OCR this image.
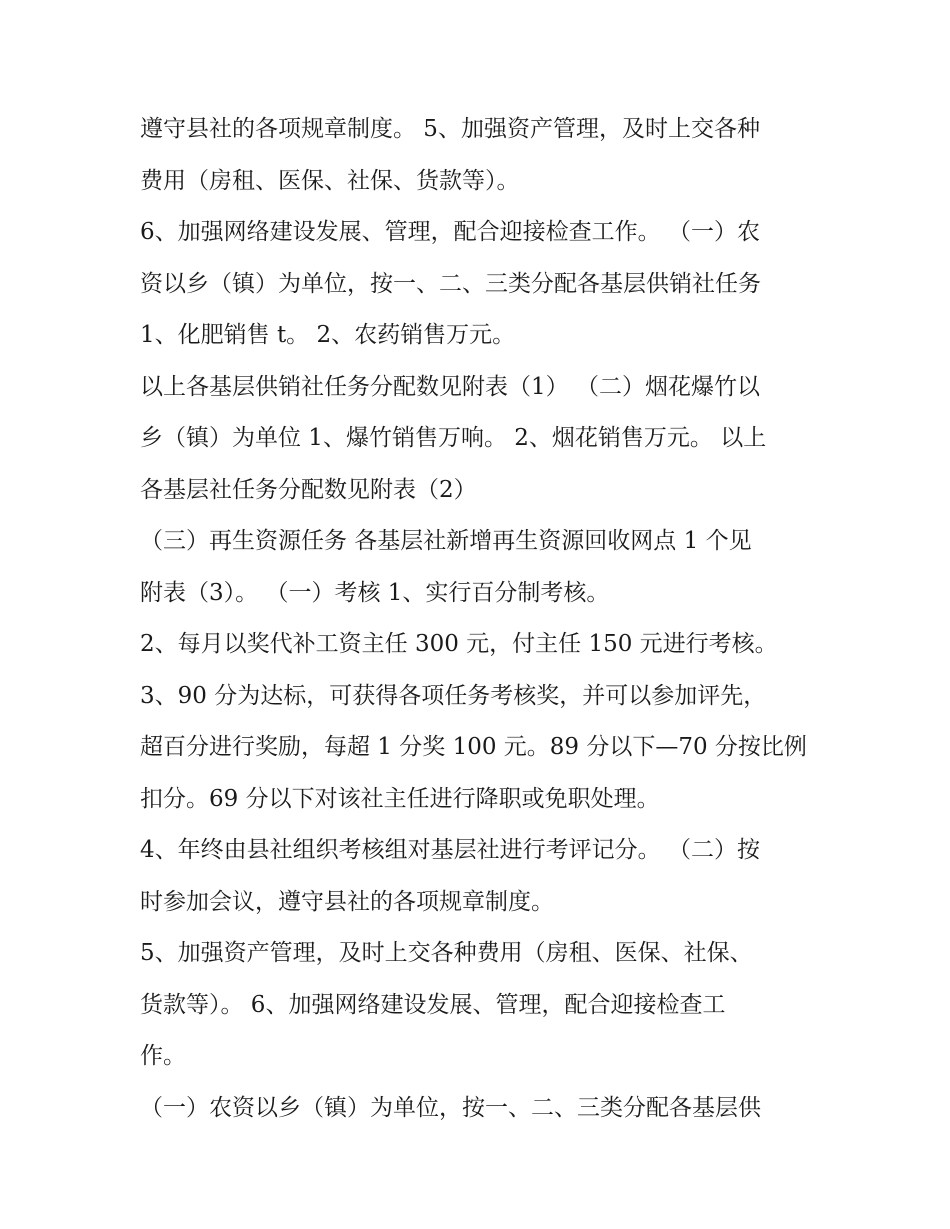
遵守县社的各项规章制度。 5、加强资产管理，及时上交各种
费用（房租、医保、社保、货款等）。
6、加强网络建设发展、管理，配合迎接检查工作。 （一）农
资以乡（镇）为单位，按一、二、三类分配各基层供销社任务
1、化肥销售 t。 2、农药销售万元。
以上各基层供销社任务分配数见附表（1） （二）烟花爆竹以
乡（镇）为单位 1、爆竹销售万响。 2、烟花销售万元。 以上
各基层社任务分配数见附表（2）
（三）再生资源任务 各基层社新增再生资源回收网点 1 个见
附表（3）。 （一）考核 1、实行百分制考核。
2、每月以奖代补工资主任 300 元，付主任 150 元进行考核。
3、90 分为达标，可获得各项任务考核奖，并可以参加评先，
超百分进行奖励，每超 1 分奖 100 元。89 分以下—70 分按比例
扣分。69 分以下对该社主任进行降职或免职处理。
4、年终由县社组织考核组对基层社进行考评记分。 （二）按
时参加会议，遵守县社的各项规章制度。
5、加强资产管理，及时上交各种费用（房租、医保、社保、
货款等）。 6、加强网络建设发展、管理，配合迎接检查工
作。
（一）农资以乡（镇）为单位，按一、二、三类分配各基层供
